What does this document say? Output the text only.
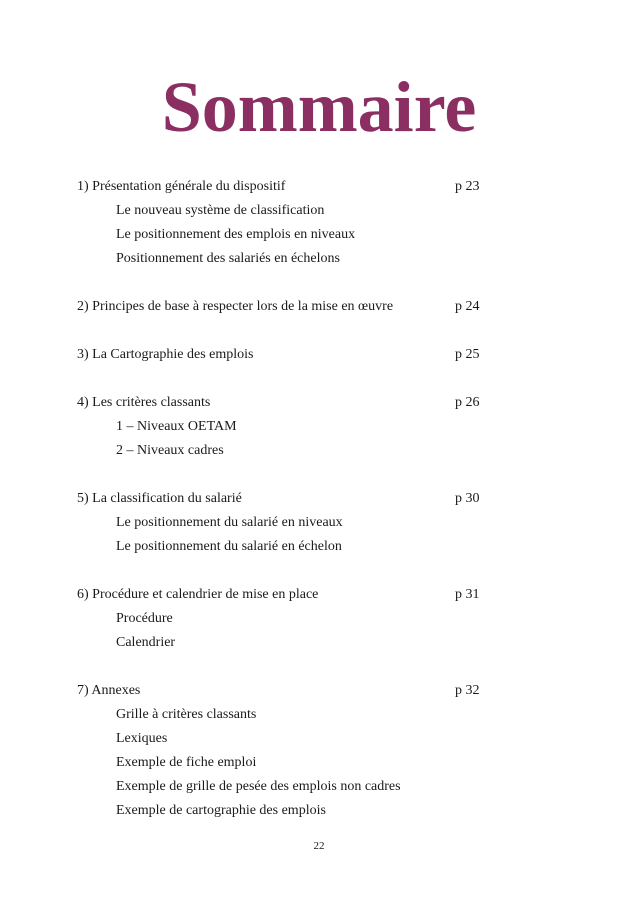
Sommaire
1) Présentation générale du dispositif	p 23
Le nouveau système de classification
Le positionnement des emplois en niveaux
Positionnement des salariés en échelons
2) Principes de base à respecter lors de la mise en œuvre	p 24
3) La Cartographie des emplois	p 25
4) Les critères classants	p 26
1 – Niveaux OETAM
2 – Niveaux cadres
5) La classification du salarié	p 30
Le positionnement du salarié en niveaux
Le positionnement du salarié en échelon
6) Procédure et calendrier de mise en place	p 31
Procédure
Calendrier
7) Annexes	p 32
Grille à critères classants
Lexiques
Exemple de fiche emploi
Exemple de grille de pesée des emplois non cadres
Exemple de cartographie des emplois
22
